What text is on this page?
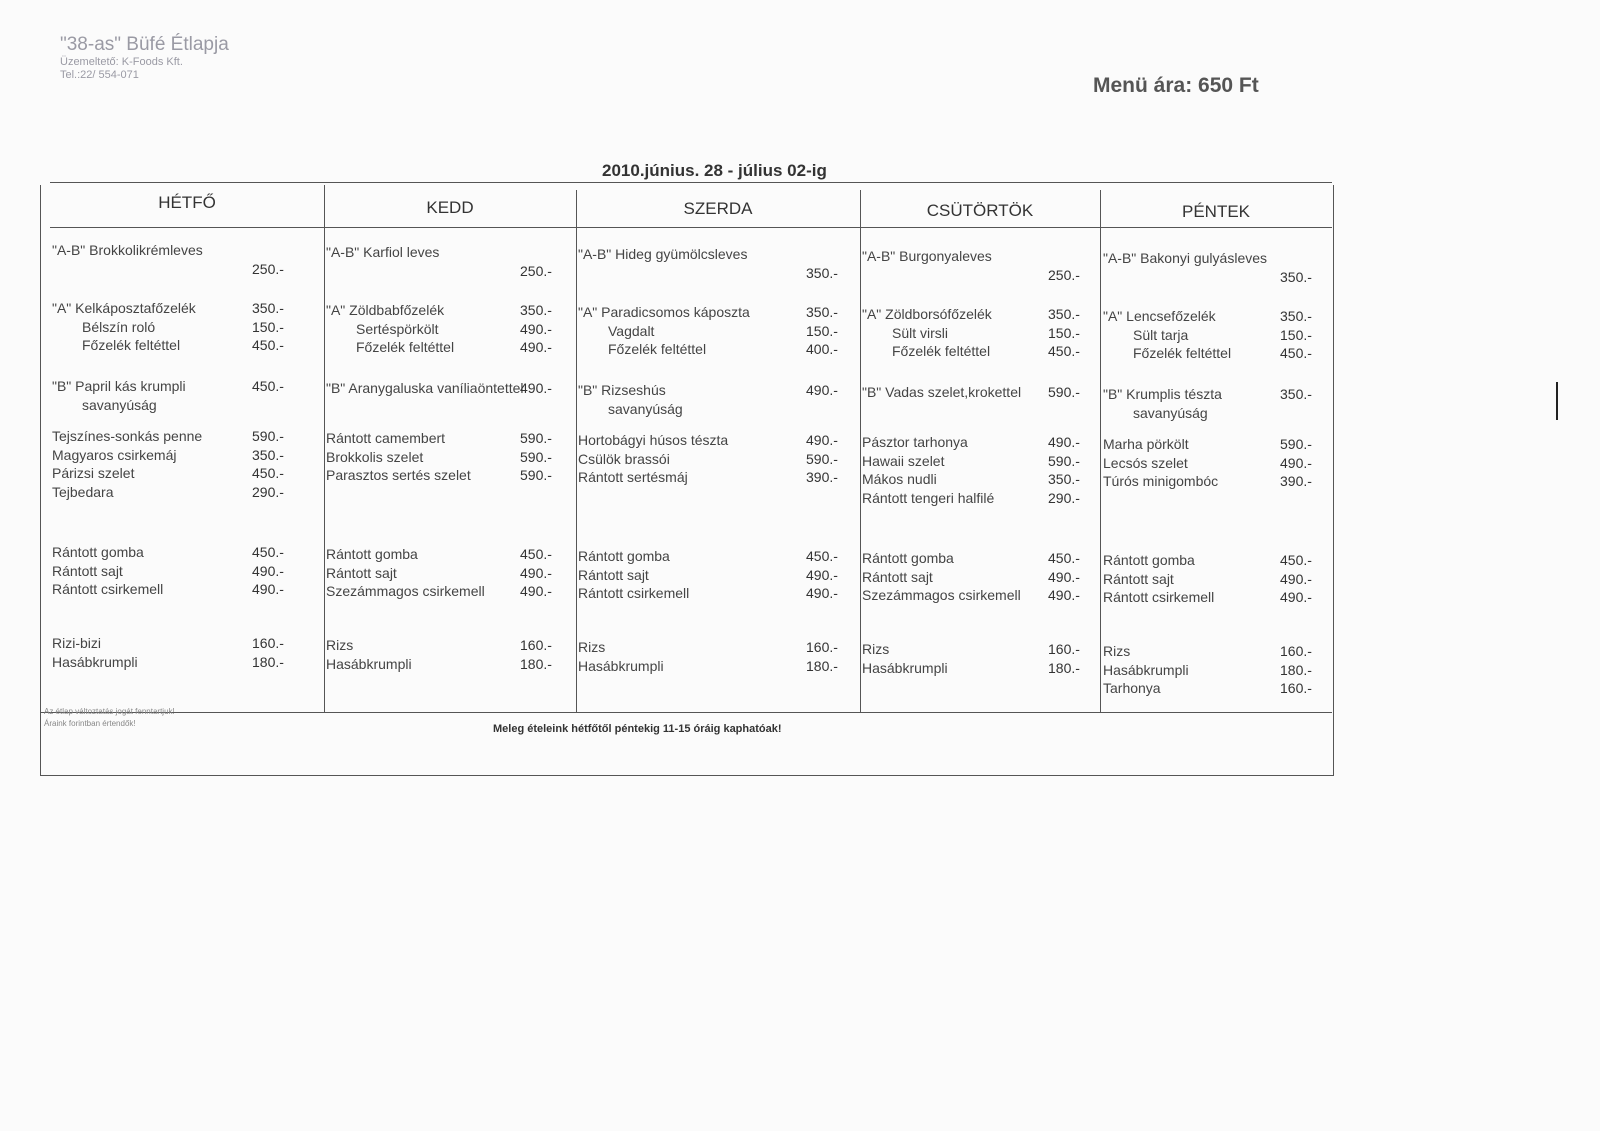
"38-as" Büfé Étlapja
Üzemeltető: K-Foods Kft.
Tel.:22/ 554-071	Menü ára: 650 Ft
2010.június. 28 - július 02-ig
HÉTFŐ
"A-B" Brokkolikrémleves
250.-
"A" Kelkáposztafőzelék	350.-
Bélszín roló	150.-
Főzelék feltéttel	450.-
"B" Papril kás krumpli	450.-
savanyúság
Tejszínes-sonkás penne	590.-
Magyaros csirkemáj	350.-
Párizsi szelet	450.-
Tejbedara	290.-
Rántott gomba	450.-
Rántott sajt	490.-
Rántott csirkemell	490.-
Rizi-bizi	160.-
Hasábkrumpli	180.-
KEDD
"A-B" Karfiol leves
250.-
"A" Zöldbabfőzelék	350.-
Sertéspörkölt	490.-
Főzelék feltéttel	490.-
"B" Aranygaluska vaníliaöntettel
490.-
Rántott camembert	590.-
Brokkolis szelet	590.-
Parasztos sertés szelet	590.-
Rántott gomba	450.-
Rántott sajt	490.-
Szezámmagos csirkemell	490.-
Rizs	160.-
Hasábkrumpli	180.-
SZERDA
"A-B" Hideg gyümölcsleves
350.-
"A" Paradicsomos káposzta	350.-
Vagdalt	150.-
Főzelék feltéttel	400.-
"B" Rizseshús	490.-
savanyúság
Hortobágyi húsos tészta	490.-
Csülök brassói	590.-
Rántott sertésmáj	390.-
Rántott gomba	450.-
Rántott sajt	490.-
Rántott csirkemell	490.-
Rizs	160.-
Hasábkrumpli	180.-
CSÜTÖRTÖK
"A-B" Burgonyaleves
250.-
"A" Zöldborsófőzelék	350.-
Sült virsli	150.-
Főzelék feltéttel	450.-
"B" Vadas szelet,krokettel 590.-
Pásztor tarhonya	490.-
Hawaii szelet	590.-
Mákos nudli	350.-
Rántott tengeri halfilé	290.-
Rántott gomba	450.-
Rántott sajt	490.-
Szezámmagos csirkemell 490.-
Rizs	160.-
Hasábkrumpli	180.-
PÉNTEK
"A-B" Bakonyi gulyásleves
350.-
"A" Lencsefőzelék	350.-
Sült tarja	150.-
Főzelék feltéttel	450.-
"B" Krumplis tészta	350.-
savanyúság
Marha pörkölt	590.-
Lecsós szelet	490.-
Túrós minigombóc	390.-
Rántott gomba	450.-
Rántott sajt	490.-
Rántott csirkemell	490.-
Rizs	160.-
Hasábkrumpli	180.-
Tarhonya	160.-
Az étlap változtatás jogát fenntartjuk!
Áraink forintban értendők!	Meleg ételeink hétfőtől péntekig 11-15 óráig kaphatóak!
